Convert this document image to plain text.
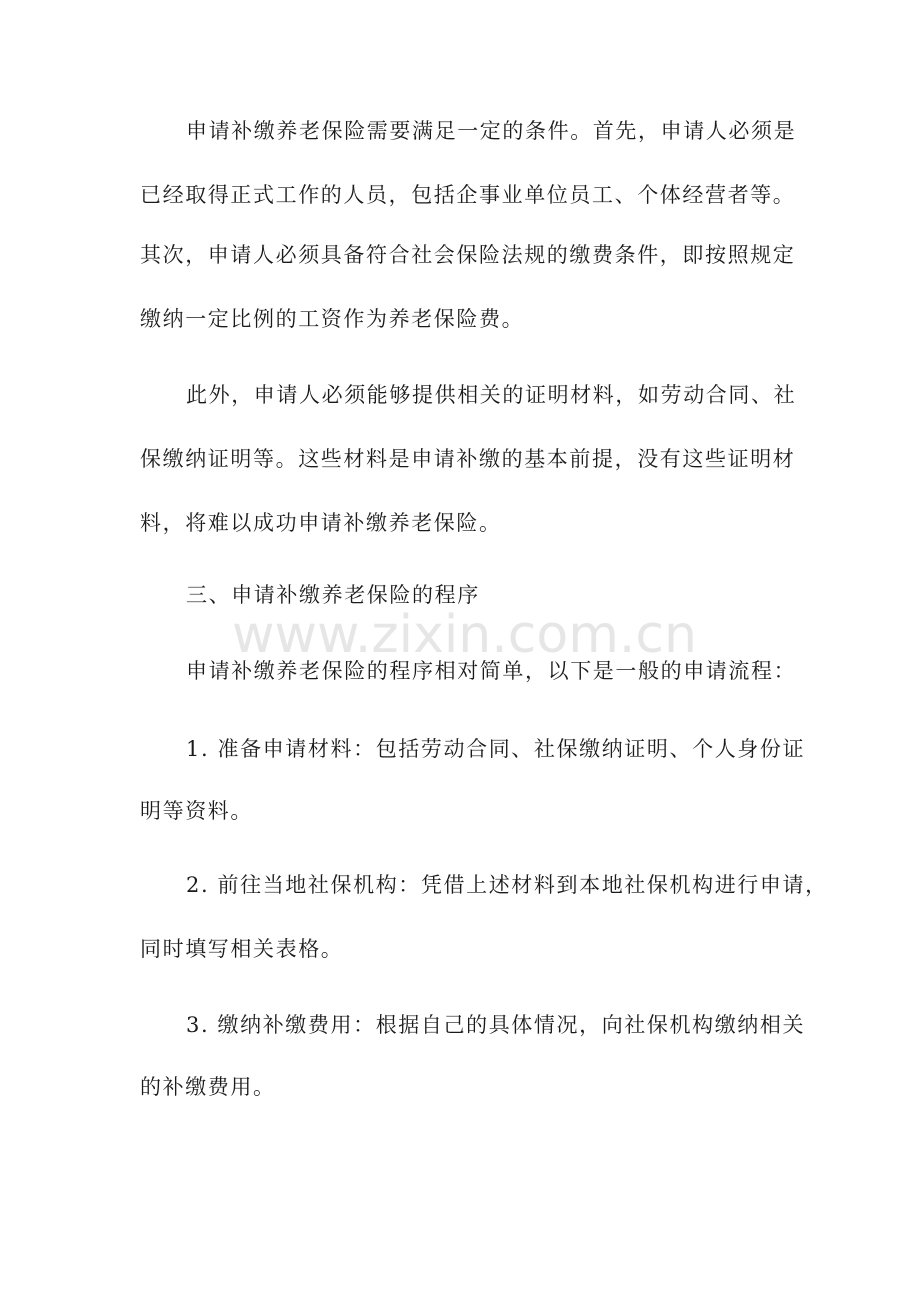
申请补缴养老保险需要满足一定的条件。首先，申请人必须是
已经取得正式工作的人员，包括企事业单位员工、个体经营者等。
其次，申请人必须具备符合社会保险法规的缴费条件，即按照规定
缴纳一定比例的工资作为养老保险费。
此外，申请人必须能够提供相关的证明材料，如劳动合同、社
保缴纳证明等。这些材料是申请补缴的基本前提，没有这些证明材
料，将难以成功申请补缴养老保险。
三、申请补缴养老保险的程序
www.zixin.com.cn
申请补缴养老保险的程序相对简单，以下是一般的申请流程：
1. 准备申请材料：包括劳动合同、社保缴纳证明、个人身份证
明等资料。
2. 前往当地社保机构：凭借上述材料到本地社保机构进行申请，
同时填写相关表格。
3. 缴纳补缴费用：根据自己的具体情况，向社保机构缴纳相关
的补缴费用。
